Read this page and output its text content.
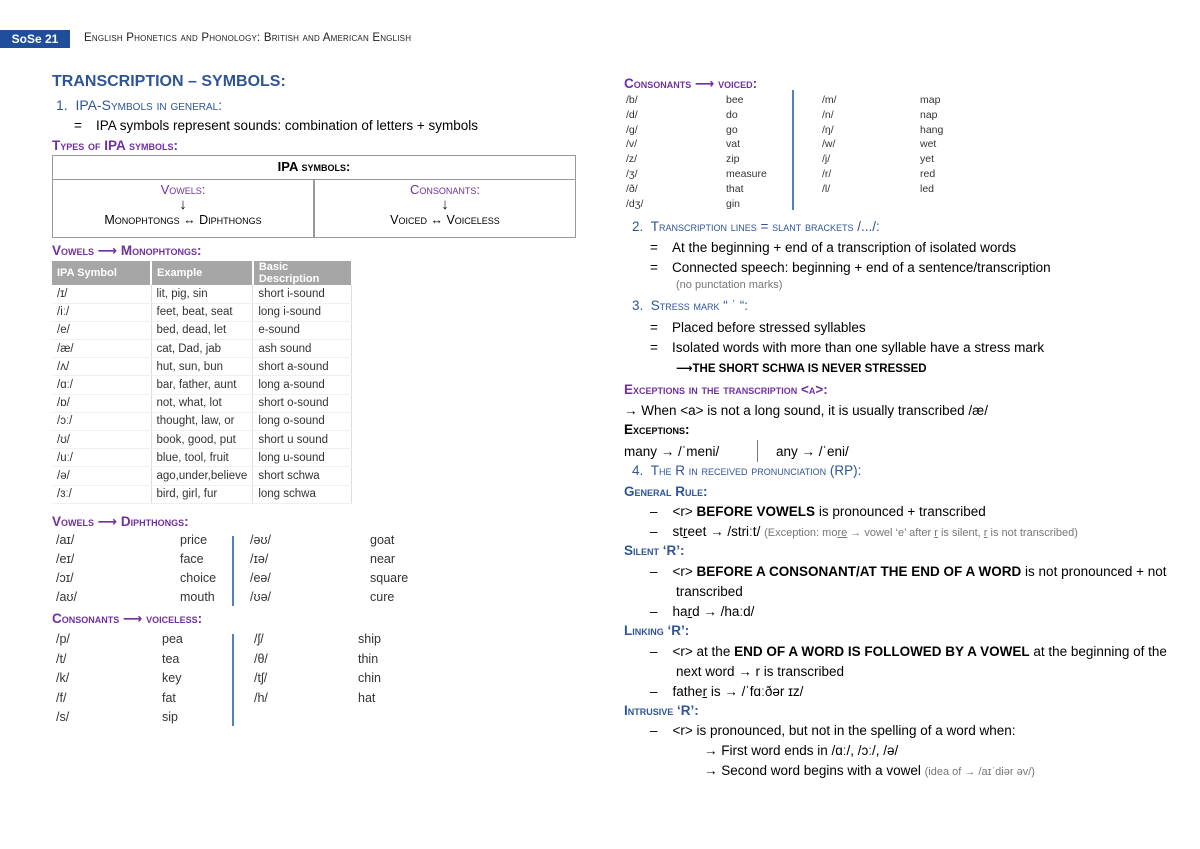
SoSe 21	English Phonetics and Phonology: British and American English
TRANSCRIPTION – SYMBOLS:
1. IPA-Symbols in general:
= IPA symbols represent sounds: combination of letters + symbols
Types of IPA symbols:
IPA symbols:
Vowels:
↓
Monophtongs ↔ Diphthongs
Consonants:
↓
Voiced ↔ Voiceless
Vowels ⟶ Monophtongs:
IPA Symbol	Example	Basic Description
/ɪ/	lit, pig, sin	short i-sound
/iː/	feet, beat, seat	long i-sound
/e/	bed, dead, let	e-sound
/æ/	cat, Dad, jab	ash sound
/ʌ/	hut, sun, bun	short a-sound
/ɑː/	bar, father, aunt	long a-sound
/ɒ/	not, what, lot	short o-sound
/ɔː/	thought, law, or	long o-sound
/ʊ/	book, good, put	short u sound
/uː/	blue, tool, fruit	long u-sound
/ə/	ago,under,believe	short schwa
/ɜː/	bird, girl, fur	long schwa
Vowels ⟶ Diphthongs:
/aɪ/	price
/eɪ/	face
/ɔɪ/	choice
/aʊ/	mouth
/əʊ/	goat
/ɪə/	near
/eə/	square
/ʊə/	cure
Consonants ⟶ voiceless:
/p/	pea
/t/	tea
/k/	key
/f/	fat
/s/	sip
/ʃ/	ship
/θ/	thin
/tʃ/	chin
/h/	hat
Consonants ⟶ voiced:
/b/	bee
/d/	do
/g/	go
/v/	vat
/z/	zip
/ʒ/	measure
/ð/	that
/dʒ/	gin
/m/	map
/n/	nap
/ŋ/	hang
/w/	wet
/j/	yet
/r/	red
/l/	led
2. Transcription lines = slant brackets /.../:
= At the beginning + end of a transcription of isolated words
= Connected speech: beginning + end of a sentence/transcription
(no punctation marks)
3. Stress mark “ ˈ “:
= Placed before stressed syllables
= Isolated words with more than one syllable have a stress mark
⟶THE SHORT SCHWA IS NEVER STRESSED
Exceptions in the transcription <a>:
→ When <a> is not a long sound, it is usually transcribed /æ/
Exceptions:
many → /ˈmeni/	any → /ˈeni/
4. The R in received pronunciation (RP):
General Rule:
– <r> BEFORE VOWELS is pronounced + transcribed
– street → /striːt/ (Exception: more → vowel ‘e’ after r is silent, r is not transcribed)
Silent ‘R’:
– <r> BEFORE A CONSONANT/AT THE END OF A WORD is not pronounced + not
transcribed
– hard → /haːd/
Linking ‘R’:
– <r> at the END OF A WORD IS FOLLOWED BY A VOWEL at the beginning of the
next word → r is transcribed
– father is → /ˈfɑːðər ɪz/
Intrusive ‘R’:
– <r> is pronounced, but not in the spelling of a word when:
→ First word ends in /ɑː/, /ɔː/, /ə/
→ Second word begins with a vowel (idea of → /aɪˈdiər əv/)
